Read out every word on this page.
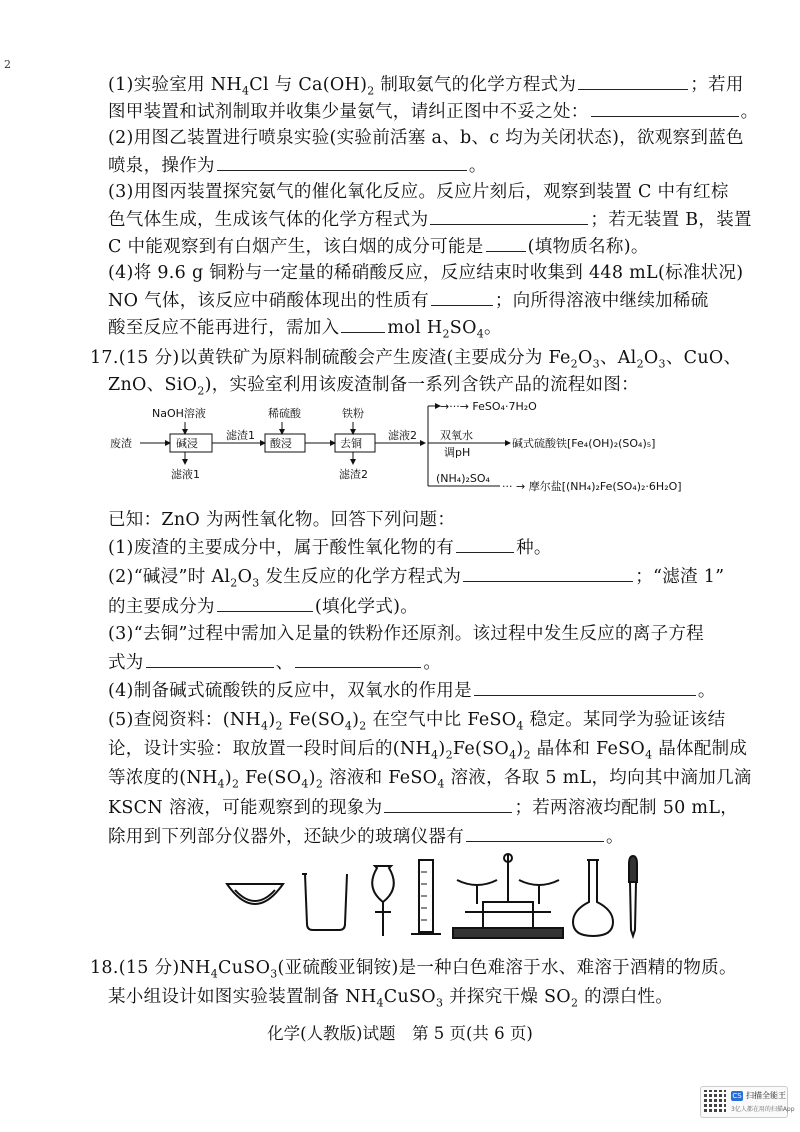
2
(1)实验室用 $NH_4Cl$ 与 $Ca(OH)_2$ 制取氨气的化学方程式为	；若用
图甲装置和试剂制取并收集少量氨气，请纠正图中不妥之处：	。
(2)用图乙装置进行喷泉实验(实验前活塞 a、b、c 均为关闭状态)，欲观察到蓝色
喷泉，操作为	。
(3)用图丙装置探究氨气的催化氧化反应。反应片刻后，观察到装置 C 中有红棕
色气体生成，生成该气体的化学方程式为	；若无装置 B，装置
C 中能观察到有白烟产生，该白烟的成分可能是	(填物质名称)。
(4)将 9.6 g 铜粉与一定量的稀硝酸反应，反应结束时收集到 448 mL(标准状况)
NO 气体，该反应中硝酸体现出的性质有	；向所得溶液中继续加稀硫
酸至反应不能再进行，需加入	mol $H_2SO_4$。
17.(15 分)以黄铁矿为原料制硫酸会产生废渣(主要成分为 $Fe_2O_3$、$Al_2O_3$、CuO、
ZnO、SiO$_2$)，实验室利用该废渣制备一系列含铁产品的流程如图：
已知：ZnO 为两性氧化物。回答下列问题：
(1)废渣的主要成分中，属于酸性氧化物的有	种。
(2)“碱浸”时 $Al_2O_3$ 发生反应的化学方程式为	；“滤渣 1”
的主要成分为	(填化学式)。
(3)“去铜”过程中需加入足量的铁粉作还原剂。该过程中发生反应的离子方程
式为	、	。
(4)制备碱式硫酸铁的反应中，双氧水的作用是	。
(5)查阅资料：$(NH_4)_2$ $Fe(SO_4)_2$ 在空气中比 FeSO$_4$ 稳定。某同学为验证该结
论，设计实验：取放置一段时间后的$(NH_4)_2Fe(SO_4)_2$ 晶体和 FeSO$_4$ 晶体配制成
等浓度的$(NH_4)_2$ $Fe(SO_4)_2$ 溶液和 FeSO$_4$ 溶液，各取 5 mL，均向其中滴加几滴
KSCN 溶液，可能观察到的现象为	；若两溶液均配制 50 mL，
除用到下列部分仪器外，还缺少的玻璃仪器有	。
18.(15 分)$NH_4CuSO_3$(亚硫酸亚铜铵)是一种白色难溶于水、难溶于酒精的物质。
某小组设计如图实验装置制备 $NH_4CuSO_3$ 并探究干燥 $SO_2$ 的漂白性。
废渣
NaOH溶液
碱浸
滤液1
滤渣1
稀硫酸
酸浸
铁粉
去铜
滤渣2
滤液2
→···→ FeSO₄·7H₂O
双氧水
调pH
碱式硫酸铁[Fe₄(OH)₂(SO₄)₅]
(NH₄)₂SO₄
··· → 摩尔盐[(NH₄)₂Fe(SO₄)₂·6H₂O]
化学(人教版)试题　第 5 页(共 6 页)
CS 扫描全能王
3亿人都在用的扫描App
